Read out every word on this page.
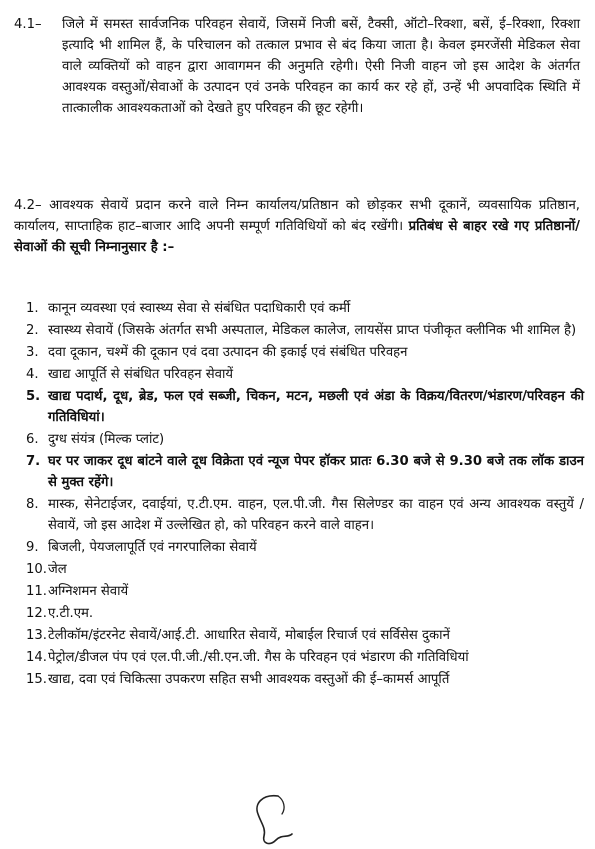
4.1– जिले में समस्त सार्वजनिक परिवहन सेवायें, जिसमें निजी बसें, टैक्सी, ऑटो–रिक्शा, बसें, ई–रिक्शा, रिक्शा इत्यादि भी शामिल हैं, के परिचालन को तत्काल प्रभाव से बंद किया जाता है। केवल इमरजेंसी मेडिकल सेवा वाले व्यक्तियों को वाहन द्वारा आवागमन की अनुमति रहेगी। ऐसी निजी वाहन जो इस आदेश के अंतर्गत आवश्यक वस्तुओं/सेवाओं के उत्पादन एवं उनके परिवहन का कार्य कर रहे हों, उन्हें भी अपवादिक स्थिति में तात्कालीक आवश्यकताओं को देखते हुए परिवहन की छूट रहेगी।
4.2– आवश्यक सेवायें प्रदान करने वाले निम्न कार्यालय/प्रतिष्ठान को छोड़कर सभी दूकानें, व्यवसायिक प्रतिष्ठान, कार्यालय, साप्ताहिक हाट–बाजार आदि अपनी सम्पूर्ण गतिविधियों को बंद रखेंगी। प्रतिबंध से बाहर रखे गए प्रतिष्ठानों/सेवाओं की सूची निम्नानुसार है :–
1. कानून व्यवस्था एवं स्वास्थ्य सेवा से संबंधित पदाधिकारी एवं कर्मी
2. स्वास्थ्य सेवायें (जिसके अंतर्गत सभी अस्पताल, मेडिकल कालेज, लायसेंस प्राप्त पंजीकृत क्लीनिक भी शामिल है)
3. दवा दूकान, चश्में की दूकान एवं दवा उत्पादन की इकाई एवं संबंधित परिवहन
4. खाद्य आपूर्ति से संबंधित परिवहन सेवायें
5. खाद्य पदार्थ, दूध, ब्रेड, फल एवं सब्जी, चिकन, मटन, मछली एवं अंडा के विक्रय/वितरण/भंडारण/परिवहन की गतिविधियां।
6. दुग्ध संयंत्र (मिल्क प्लांट)
7. घर पर जाकर दूध बांटने वाले दूध विक्रेता एवं न्यूज पेपर हॉकर प्रातः 6.30 बजे से 9.30 बजे तक लॉक डाउन से मुक्त रहेंगे।
8. मास्क, सेनेटाईजर, दवाईयां, ए.टी.एम. वाहन, एल.पी.जी. गैस सिलेण्डर का वाहन एवं अन्य आवश्यक वस्तुयें /सेवायें, जो इस आदेश में उल्लेखित हो, को परिवहन करने वाले वाहन।
9. बिजली, पेयजलापूर्ति एवं नगरपालिका सेवायें
10. जेल
11. अग्निशमन सेवायें
12. ए.टी.एम.
13. टेलीकॉम/इंटरनेट सेवायें/आई.टी. आधारित सेवायें, मोबाईल रिचार्ज एवं सर्विसेस दुकानें
14. पेट्रोल/डीजल पंप एवं एल.पी.जी./सी.एन.जी. गैस के परिवहन एवं भंडारण की गतिविधियां
15. खाद्य, दवा एवं चिकित्सा उपकरण सहित सभी आवश्यक वस्तुओं की ई–कामर्स आपूर्ति
